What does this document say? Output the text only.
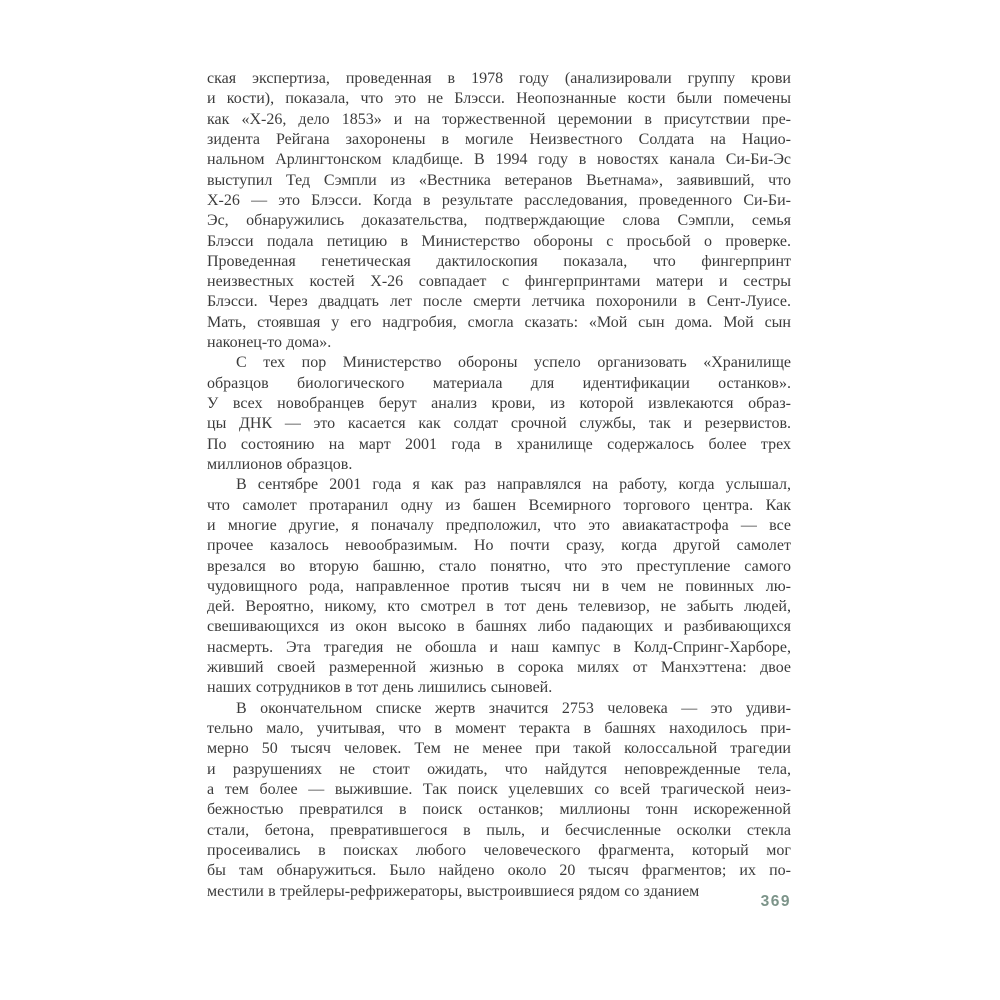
ская экспертиза, проведенная в 1978 году (анализировали группу крови
и кости), показала, что это не Блэсси. Неопознанные кости были помечены
как «Х-26, дело 1853» и на торжественной церемонии в присутствии пре-
зидента Рейгана захоронены в могиле Неизвестного Солдата на Нацио-
нальном Арлингтонском кладбище. В 1994 году в новостях канала Си-Би-Эс
выступил Тед Сэмпли из «Вестника ветеранов Вьетнама», заявивший, что
Х-26 — это Блэсси. Когда в результате расследования, проведенного Си-Би-
Эс, обнаружились доказательства, подтверждающие слова Сэмпли, семья
Блэсси подала петицию в Министерство обороны с просьбой о проверке.
Проведенная генетическая дактилоскопия показала, что фингерпринт
неизвестных костей Х-26 совпадает с фингерпринтами матери и сестры
Блэсси. Через двадцать лет после смерти летчика похоронили в Сент-Луисе.
Мать, стоявшая у его надгробия, смогла сказать: «Мой сын дома. Мой сын
наконец-то дома».
С тех пор Министерство обороны успело организовать «Хранилище
образцов биологического материала для идентификации останков».
У всех новобранцев берут анализ крови, из которой извлекаются образ-
цы ДНК — это касается как солдат срочной службы, так и резервистов.
По состоянию на март 2001 года в хранилище содержалось более трех
миллионов образцов.
В сентябре 2001 года я как раз направлялся на работу, когда услышал,
что самолет протаранил одну из башен Всемирного торгового центра. Как
и многие другие, я поначалу предположил, что это авиакатастрофа — все
прочее казалось невообразимым. Но почти сразу, когда другой самолет
врезался во вторую башню, стало понятно, что это преступление самого
чудовищного рода, направленное против тысяч ни в чем не повинных лю-
дей. Вероятно, никому, кто смотрел в тот день телевизор, не забыть людей,
свешивающихся из окон высоко в башнях либо падающих и разбивающихся
насмерть. Эта трагедия не обошла и наш кампус в Колд-Спринг-Харборе,
живший своей размеренной жизнью в сорока милях от Манхэттена: двое
наших сотрудников в тот день лишились сыновей.
В окончательном списке жертв значится 2753 человека — это удиви-
тельно мало, учитывая, что в момент теракта в башнях находилось при-
мерно 50 тысяч человек. Тем не менее при такой колоссальной трагедии
и разрушениях не стоит ожидать, что найдутся неповрежденные тела,
а тем более — выжившие. Так поиск уцелевших со всей трагической неиз-
бежностью превратился в поиск останков; миллионы тонн искореженной
стали, бетона, превратившегося в пыль, и бесчисленные осколки стекла
просеивались в поисках любого человеческого фрагмента, который мог
бы там обнаружиться. Было найдено около 20 тысяч фрагментов; их по-
местили в трейлеры-рефрижераторы, выстроившиеся рядом со зданием
369
